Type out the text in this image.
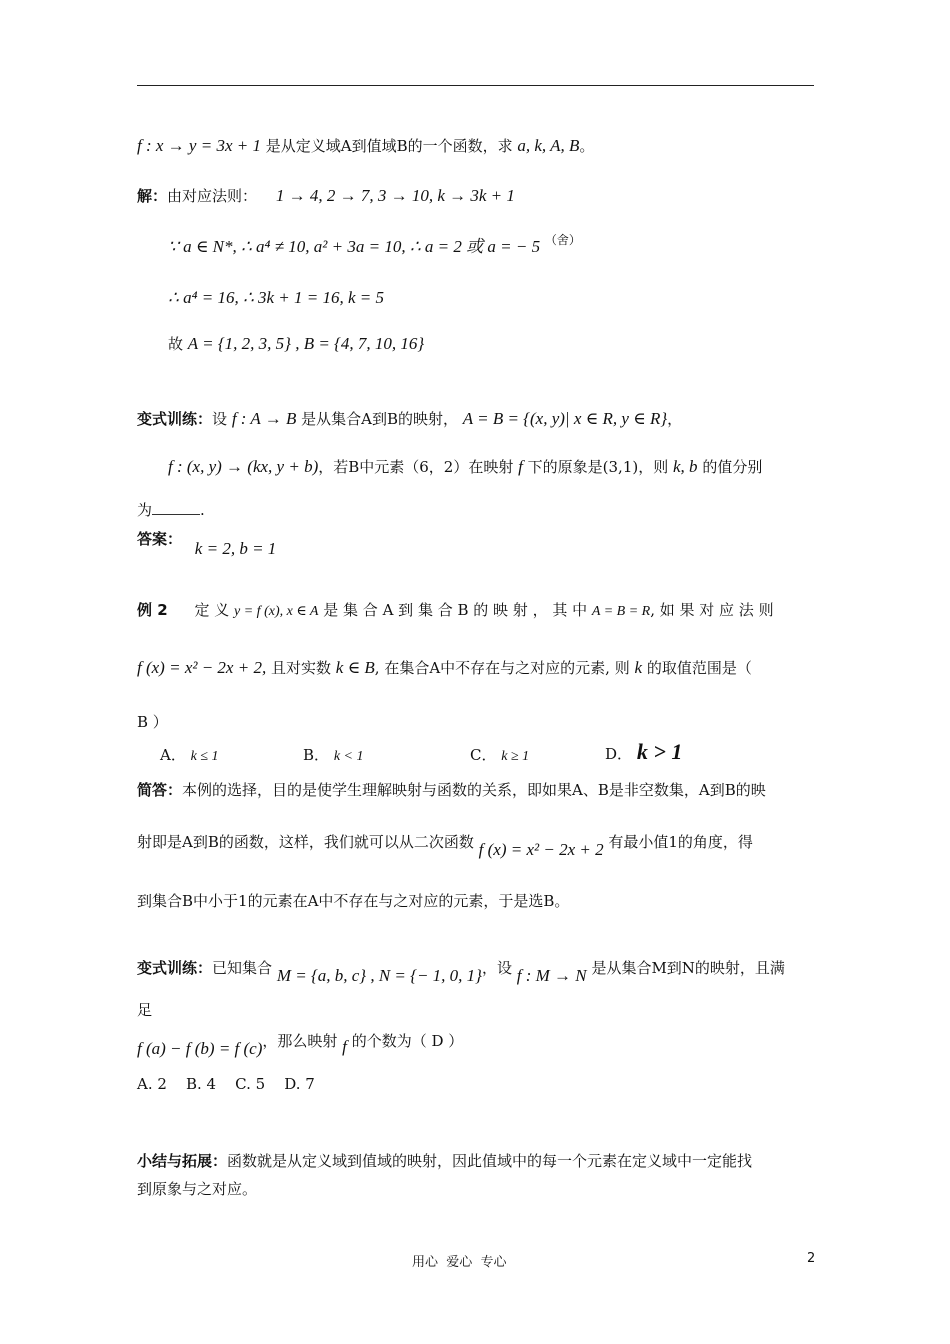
f : x → y = 3x + 1 是从定义域A到值域B的一个函数，求 a, k, A, B。
解：由对应法则： 1 → 4, 2 → 7, 3 → 10, k → 3k + 1
∵ a ∈ N*, ∴ a⁴ ≠ 10, a² + 3a = 10, ∴ a = 2 或 a = − 5 $^{(舍)}$
∴ a⁴ = 16, ∴ 3k + 1 = 16, k = 5
故 A = {1, 2, 3, 5} , B = {4, 7, 10, 16}
变式训练：设 f : A → B 是从集合A到B的映射， A = B = {(x, y)| x ∈ R, y ∈ R}，
f : (x, y) → (kx, y + b)，若B中元素（6，2）在映射 f 下的原象是(3,1)，则 k, b 的值分别
为	.
答案： k = 2, b = 1
例 2 定 义 y = f (x), x ∈ A 是 集 合 A 到 集 合 B 的 映 射 ， 其 中 A = B = R, 如 果 对 应 法 则
f (x) = x² − 2x + 2, 且对实数 k ∈ B, 在集合A中不存在与之对应的元素, 则 k 的取值范围是（
B ）
A． k ≤ 1	B． k < 1	C． k ≥ 1	D． k > 1
简答：本例的选择，目的是使学生理解映射与函数的关系，即如果A、B是非空数集，A到B的映
射即是A到B的函数，这样，我们就可以从二次函数 f (x) = x² − 2x + 2 有最小值1的角度，得
到集合B中小于1的元素在A中不存在与之对应的元素，于是选B。
变式训练：已知集合 M = {a, b, c} , N = {− 1, 0, 1}，设 f : M → N 是从集合M到N的映射，且满
足
f (a) − f (b) = f (c)，那么映射 f 的个数为（ D ）
A. 2    B. 4    C. 5    D. 7
小结与拓展：函数就是从定义域到值域的映射，因此值域中的每一个元素在定义域中一定能找
到原象与之对应。
用心  爱心  专心	2
